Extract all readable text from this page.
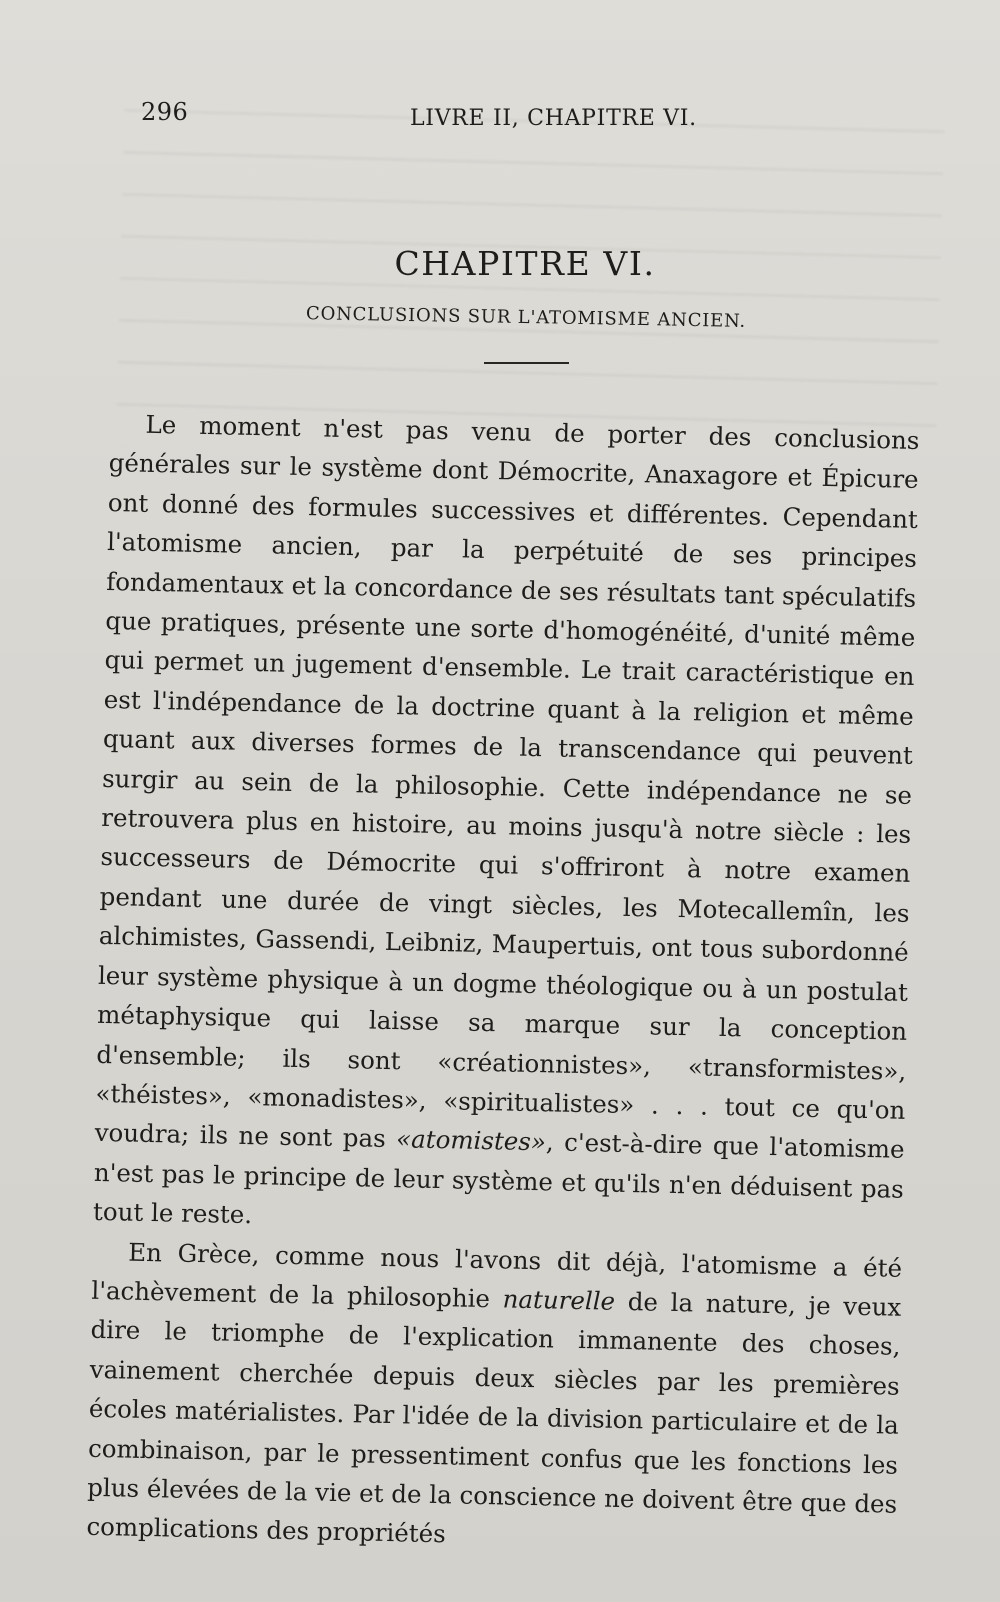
296	LIVRE II, CHAPITRE VI.
CHAPITRE VI.
CONCLUSIONS SUR L'ATOMISME ANCIEN.

Le moment n'est pas venu de porter des conclusions générales sur le système dont Démocrite, Anaxagore et Épicure ont donné des formules successives et différentes. Cependant l'atomisme ancien, par la perpétuité de ses principes fondamentaux et la concordance de ses résultats tant spéculatifs que pratiques, présente une sorte d'homogénéité, d'unité même qui permet un jugement d'ensemble. Le trait caractéristique en est l'indépendance de la doctrine quant à la religion et même quant aux diverses formes de la transcendance qui peuvent surgir au sein de la philosophie. Cette indépendance ne se retrouvera plus en histoire, au moins jusqu'à notre siècle : les successeurs de Démocrite qui s'offriront à notre examen pendant une durée de vingt siècles, les Motecallemîn, les alchimistes, Gassendi, Leibniz, Maupertuis, ont tous subordonné leur système physique à un dogme théologique ou à un postulat métaphysique qui laisse sa marque sur la conception d'ensemble; ils sont «créationnistes», «transformistes», «théistes», «monadistes», «spiritualistes» . . . tout ce qu'on voudra; ils ne sont pas «atomistes», c'est-à-dire que l'atomisme n'est pas le principe de leur système et qu'ils n'en déduisent pas tout le reste.

En Grèce, comme nous l'avons dit déjà, l'atomisme a été l'achèvement de la philosophie naturelle de la nature, je veux dire le triomphe de l'explication immanente des choses, vainement cherchée depuis deux siècles par les premières écoles matérialistes. Par l'idée de la division particulaire et de la combinaison, par le pressentiment confus que les fonctions les plus élevées de la vie et de la conscience ne doivent être que des complications des propriétés
